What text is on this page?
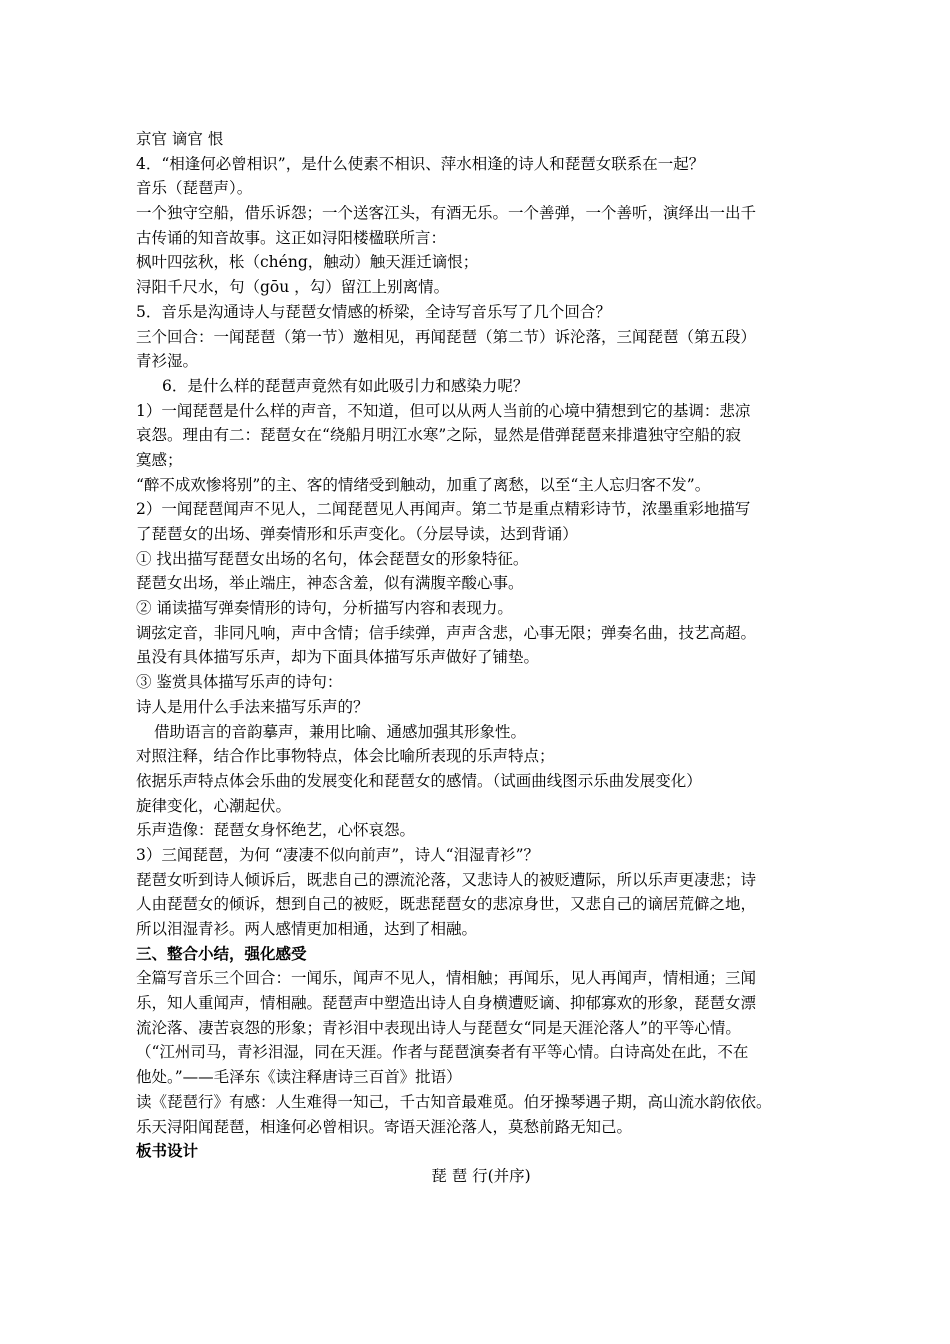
京官 谪官 恨
4．“相逢何必曾相识”，是什么使素不相识、萍水相逢的诗人和琵琶女联系在一起？
音乐（琵琶声）。
一个独守空船，借乐诉怨；一个送客江头，有酒无乐。一个善弹，一个善听，演绎出一出千
古传诵的知音故事。这正如浔阳楼楹联所言：
枫叶四弦秋，枨（chéng，触动）触天涯迁谪恨；
浔阳千尺水，句（gōu ，勾）留江上别离情。
5．音乐是沟通诗人与琵琶女情感的桥梁，全诗写音乐写了几个回合？
三个回合：一闻琵琶（第一节）邀相见，再闻琵琶（第二节）诉沦落，三闻琵琶（第五段）
青衫湿。
6．是什么样的琵琶声竟然有如此吸引力和感染力呢？
1）一闻琵琶是什么样的声音，不知道，但可以从两人当前的心境中猜想到它的基调：悲凉
哀怨。理由有二：琵琶女在“绕船月明江水寒”之际，显然是借弹琵琶来排遣独守空船的寂
寞感；
“醉不成欢惨将别”的主、客的情绪受到触动，加重了离愁，以至“主人忘归客不发”。
2）一闻琵琶闻声不见人，二闻琵琶见人再闻声。第二节是重点精彩诗节，浓墨重彩地描写
了琵琶女的出场、弹奏情形和乐声变化。（分层导读，达到背诵）
① 找出描写琵琶女出场的名句，体会琵琶女的形象特征。
琵琶女出场，举止端庄，神态含羞，似有满腹辛酸心事。
② 诵读描写弹奏情形的诗句，分析描写内容和表现力。
调弦定音，非同凡响，声中含情；信手续弹，声声含悲，心事无限；弹奏名曲，技艺高超。
虽没有具体描写乐声，却为下面具体描写乐声做好了铺垫。
③ 鉴赏具体描写乐声的诗句：
诗人是用什么手法来描写乐声的？
借助语言的音韵摹声，兼用比喻、通感加强其形象性。
对照注释，结合作比事物特点，体会比喻所表现的乐声特点；
依据乐声特点体会乐曲的发展变化和琵琶女的感情。（试画曲线图示乐曲发展变化）
旋律变化，心潮起伏。
乐声造像：琵琶女身怀绝艺，心怀哀怨。
3）三闻琵琶，为何 “凄凄不似向前声”，诗人“泪湿青衫”？
琵琶女听到诗人倾诉后，既悲自己的漂流沦落，又悲诗人的被贬遭际，所以乐声更凄悲；诗
人由琵琶女的倾诉，想到自己的被贬，既悲琵琶女的悲凉身世，又悲自己的谪居荒僻之地，
所以泪湿青衫。两人感情更加相通，达到了相融。
三、整合小结，强化感受
全篇写音乐三个回合：一闻乐，闻声不见人，情相触；再闻乐，见人再闻声，情相通；三闻
乐，知人重闻声，情相融。琵琶声中塑造出诗人自身横遭贬谪、抑郁寡欢的形象，琵琶女漂
流沦落、凄苦哀怨的形象；青衫泪中表现出诗人与琵琶女“同是天涯沦落人”的平等心情。
（“江州司马，青衫泪湿，同在天涯。作者与琵琶演奏者有平等心情。白诗高处在此，不在
他处。”——毛泽东《读注释唐诗三百首》批语）
读《琵琶行》有感：人生难得一知己，千古知音最难觅。伯牙操琴遇子期，高山流水韵依依。
乐天浔阳闻琵琶，相逢何必曾相识。寄语天涯沦落人，莫愁前路无知己。
板书设计
琵 琶 行(并序)
